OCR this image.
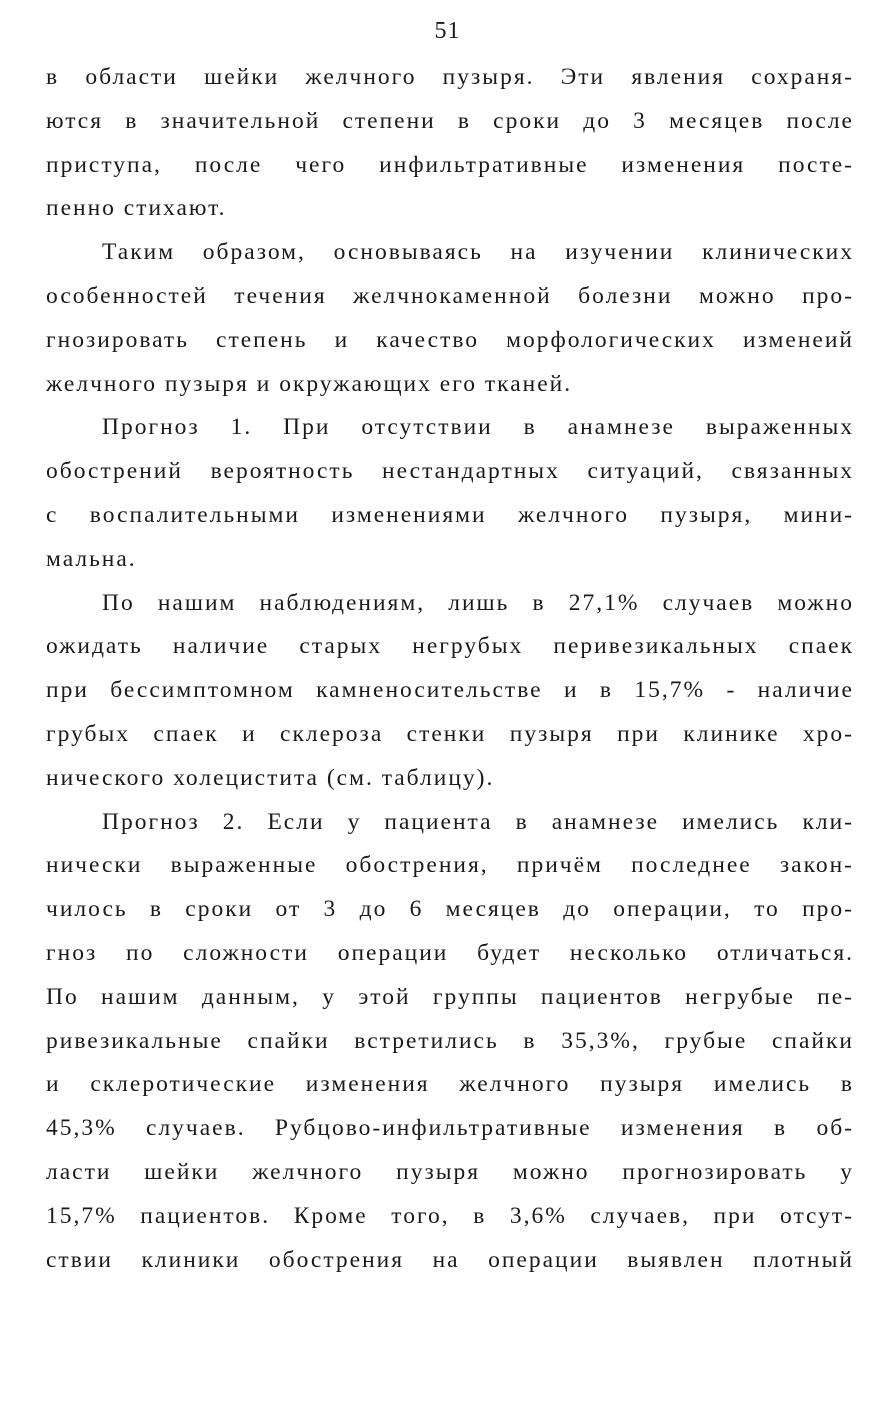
51
в области шейки желчного пузыря. Эти явления сохраня-
ются в значительной степени в сроки до 3 месяцев после
приступа, после чего инфильтративные изменения посте-
пенно стихают.
Таким образом, основываясь на изучении клинических
особенностей течения желчнокаменной болезни можно про-
гнозировать степень и качество морфологических изменеий
желчного пузыря и окружающих его тканей.
Прогноз 1. При отсутствии в анамнезе выраженных
обострений вероятность нестандартных ситуаций, связанных
с воспалительными изменениями желчного пузыря, мини-
мальна.
По нашим наблюдениям, лишь в 27,1% случаев можно
ожидать наличие старых негрубых перивезикальных спаек
при бессимптомном камненосительстве и в 15,7% - наличие
грубых спаек и склероза стенки пузыря при клинике хро-
нического холецистита (см. таблицу).
Прогноз 2. Если у пациента в анамнезе имелись кли-
нически выраженные обострения, причём последнее закон-
чилось в сроки от 3 до 6 месяцев до операции, то про-
гноз по сложности операции будет несколько отличаться.
По нашим данным, у этой группы пациентов негрубые пе-
ривезикальные спайки встретились в 35,3%, грубые спайки
и склеротические изменения желчного пузыря имелись в
45,3% случаев. Рубцово-инфильтративные изменения в об-
ласти шейки желчного пузыря можно прогнозировать у
15,7% пациентов. Кроме того, в 3,6% случаев, при отсут-
ствии клиники обострения на операции выявлен плотный
